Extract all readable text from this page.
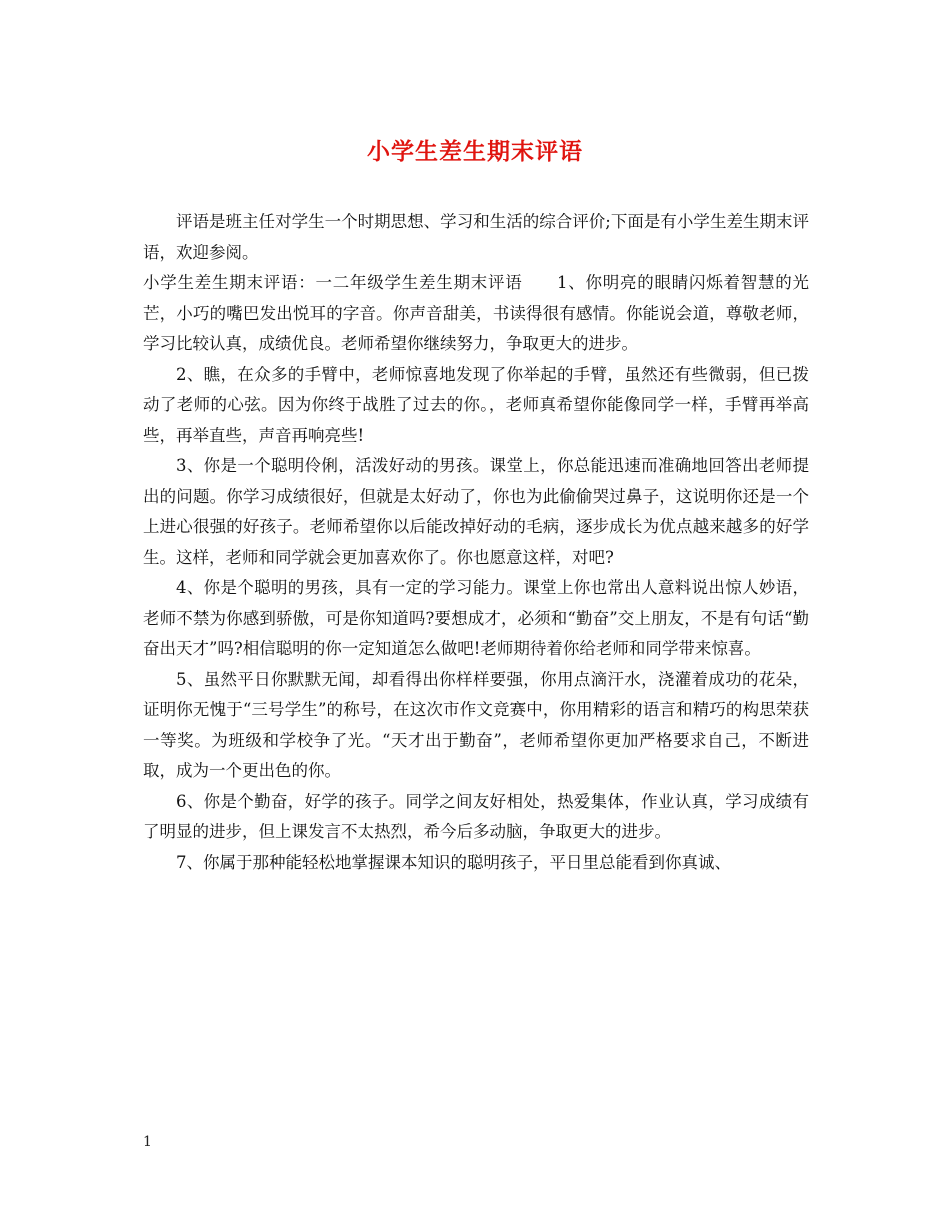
小学生差生期末评语

评语是班主任对学生一个时期思想、学习和生活的综合评价;下面是有小学生差生期末评语，欢迎参阅。

小学生差生期末评语：一二年级学生差生期末评语　　1、你明亮的眼睛闪烁着智慧的光芒，小巧的嘴巴发出悦耳的字音。你声音甜美，书读得很有感情。你能说会道，尊敬老师，学习比较认真，成绩优良。老师希望你继续努力，争取更大的进步。

2、瞧，在众多的手臂中，老师惊喜地发现了你举起的手臂，虽然还有些微弱，但已拨动了老师的心弦。因为你终于战胜了过去的你。，老师真希望你能像同学一样，手臂再举高些，再举直些，声音再响亮些!

3、你是一个聪明伶俐，活泼好动的男孩。课堂上，你总能迅速而准确地回答出老师提出的问题。你学习成绩很好，但就是太好动了，你也为此偷偷哭过鼻子，这说明你还是一个上进心很强的好孩子。老师希望你以后能改掉好动的毛病，逐步成长为优点越来越多的好学生。这样，老师和同学就会更加喜欢你了。你也愿意这样，对吧?

4、你是个聪明的男孩，具有一定的学习能力。课堂上你也常出人意料说出惊人妙语，老师不禁为你感到骄傲，可是你知道吗?要想成才，必须和“勤奋”交上朋友，不是有句话“勤奋出天才”吗?相信聪明的你一定知道怎么做吧!老师期待着你给老师和同学带来惊喜。

5、虽然平日你默默无闻，却看得出你样样要强，你用点滴汗水，浇灌着成功的花朵，证明你无愧于“三号学生”的称号，在这次市作文竞赛中，你用精彩的语言和精巧的构思荣获一等奖。为班级和学校争了光。“天才出于勤奋”，老师希望你更加严格要求自己，不断进取，成为一个更出色的你。

6、你是个勤奋，好学的孩子。同学之间友好相处，热爱集体，作业认真，学习成绩有了明显的进步，但上课发言不太热烈，希今后多动脑，争取更大的进步。

7、你属于那种能轻松地掌握课本知识的聪明孩子，平日里总能看到你真诚、

1
